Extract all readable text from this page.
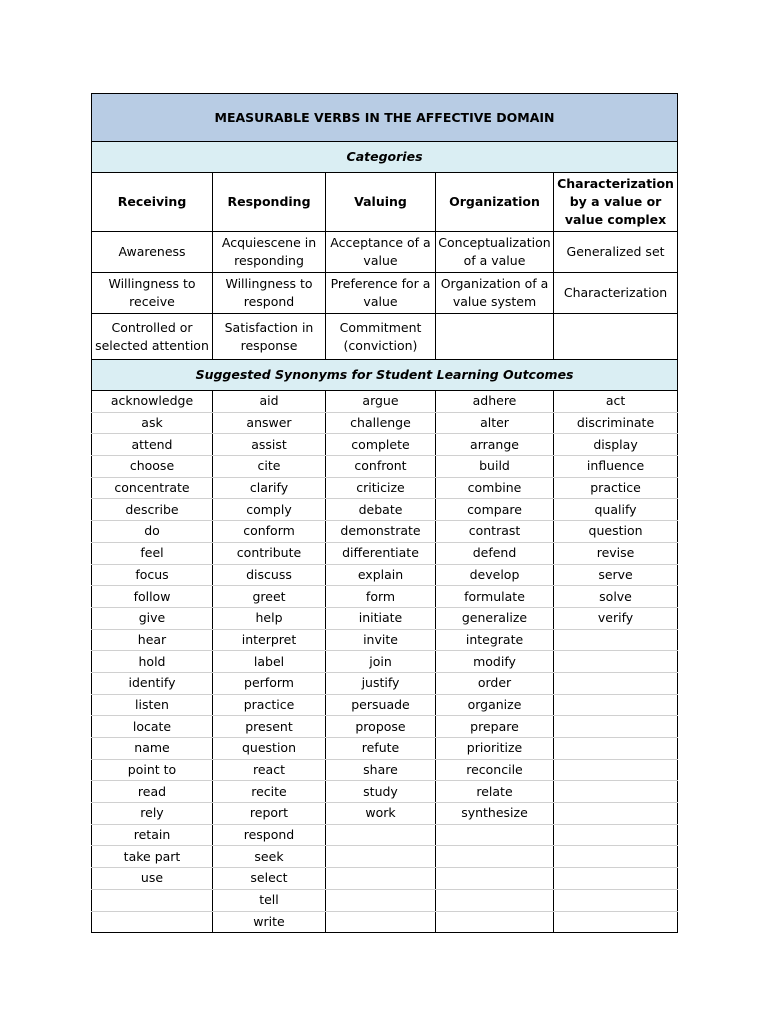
MEASURABLE VERBS IN THE AFFECTIVE DOMAIN				
Categories				
Receiving	Responding	Valuing	Organization	Characterization by a value or value complex
Awareness	Acquiescene in responding	Acceptance of a value	Conceptualization of a value	Generalized set
Willingness to receive	Willingness to respond	Preference for a value	Organization of a value system	Characterization
Controlled or selected attention	Satisfaction in response	Commitment (conviction)		
Suggested Synonyms for Student Learning Outcomes				
acknowledge	aid	argue	adhere	act
ask	answer	challenge	alter	discriminate
attend	assist	complete	arrange	display
choose	cite	confront	build	influence
concentrate	clarify	criticize	combine	practice
describe	comply	debate	compare	qualify
do	conform	demonstrate	contrast	question
feel	contribute	differentiate	defend	revise
focus	discuss	explain	develop	serve
follow	greet	form	formulate	solve
give	help	initiate	generalize	verify
hear	interpret	invite	integrate	
hold	label	join	modify	
identify	perform	justify	order	
listen	practice	persuade	organize	
locate	present	propose	prepare	
name	question	refute	prioritize	
point to	react	share	reconcile	
read	recite	study	relate	
rely	report	work	synthesize	
retain	respond			
take part	seek			
use	select			
	tell			
	write			
